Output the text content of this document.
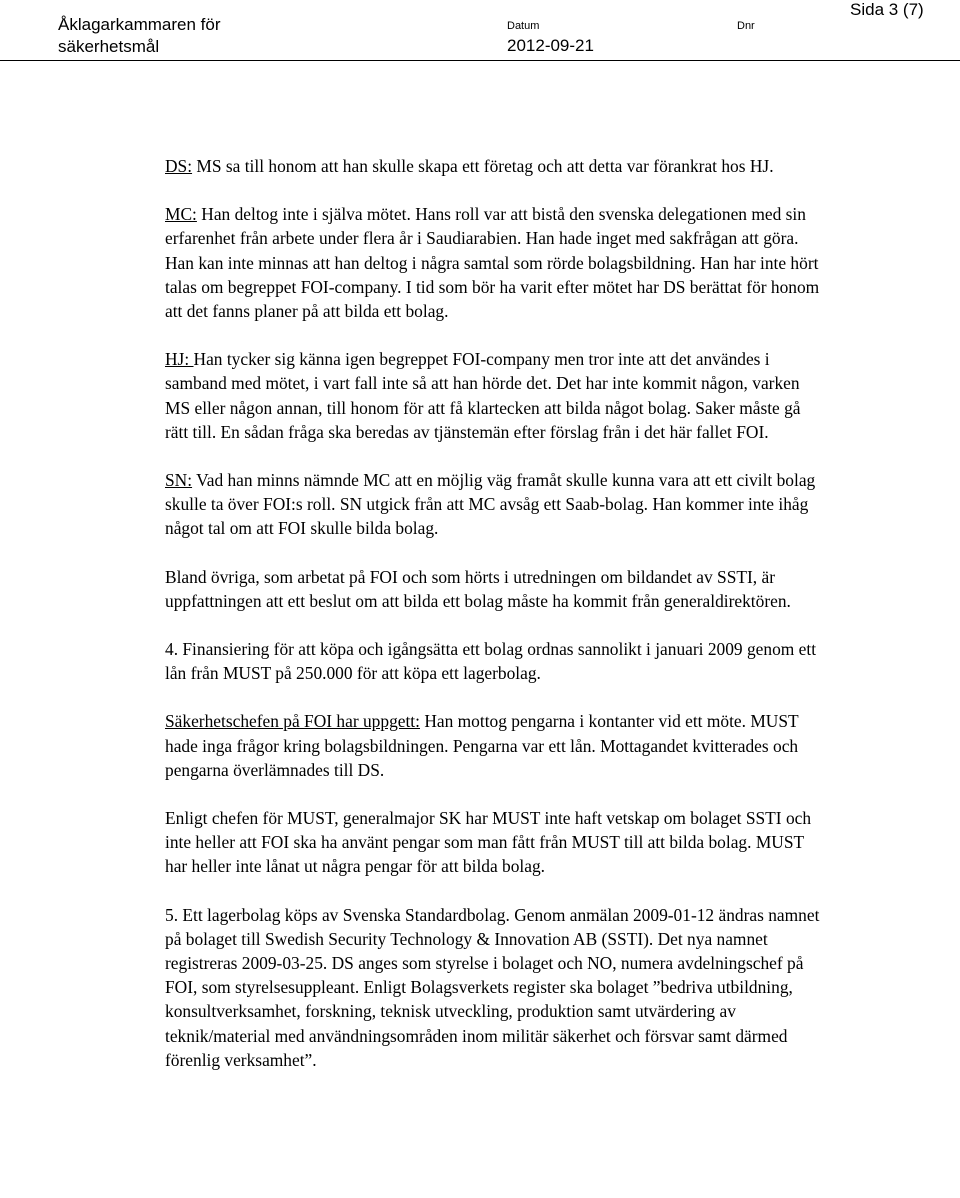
Åklagarkammaren för
säkerhetsmål
Datum
2012-09-21
Dnr
Sida 3 (7)

DS: MS sa till honom att han skulle skapa ett företag och att detta var förankrat hos HJ.

MC: Han deltog inte i själva mötet. Hans roll var att bistå den svenska delegationen med sin erfarenhet från arbete under flera år i Saudiarabien. Han hade inget med sakfrågan att göra. Han kan inte minnas att han deltog i några samtal som rörde bolagsbildning. Han har inte hört talas om begreppet FOI-company. I tid som bör ha varit efter mötet har DS berättat för honom att det fanns planer på att bilda ett bolag.

HJ: Han tycker sig känna igen begreppet FOI-company men tror inte att det användes i samband med mötet, i vart fall inte så att han hörde det. Det har inte kommit någon, varken MS eller någon annan, till honom för att få klartecken att bilda något bolag. Saker måste gå rätt till. En sådan fråga ska beredas av tjänstemän efter förslag från i det här fallet FOI.

SN: Vad han minns nämnde MC att en möjlig väg framåt skulle kunna vara att ett civilt bolag skulle ta över FOI:s roll. SN utgick från att MC avsåg ett Saab-bolag. Han kommer inte ihåg något tal om att FOI skulle bilda bolag.

Bland övriga, som arbetat på FOI och som hörts i utredningen om bildandet av SSTI, är uppfattningen att ett beslut om att bilda ett bolag måste ha kommit från generaldirektören.

4. Finansiering för att köpa och igångsätta ett bolag ordnas sannolikt i januari 2009 genom ett lån från MUST på 250.000 för att köpa ett lagerbolag.

Säkerhetschefen på FOI har uppgett: Han mottog pengarna i kontanter vid ett möte. MUST hade inga frågor kring bolagsbildningen. Pengarna var ett lån. Mottagandet kvitterades och pengarna överlämnades till DS.

Enligt chefen för MUST, generalmajor SK har MUST inte haft vetskap om bolaget SSTI och inte heller att FOI ska ha använt pengar som man fått från MUST till att bilda bolag. MUST har heller inte lånat ut några pengar för att bilda bolag.

5. Ett lagerbolag köps av Svenska Standardbolag. Genom anmälan 2009-01-12 ändras namnet på bolaget till Swedish Security Technology & Innovation AB (SSTI). Det nya namnet registreras 2009-03-25. DS anges som styrelse i bolaget och NO, numera avdelningschef på FOI, som styrelsesuppleant. Enligt Bolagsverkets register ska bolaget ”bedriva utbildning, konsultverksamhet, forskning, teknisk utveckling, produktion samt utvärdering av teknik/material med användningsområden inom militär säkerhet och försvar samt därmed förenlig verksamhet”.
